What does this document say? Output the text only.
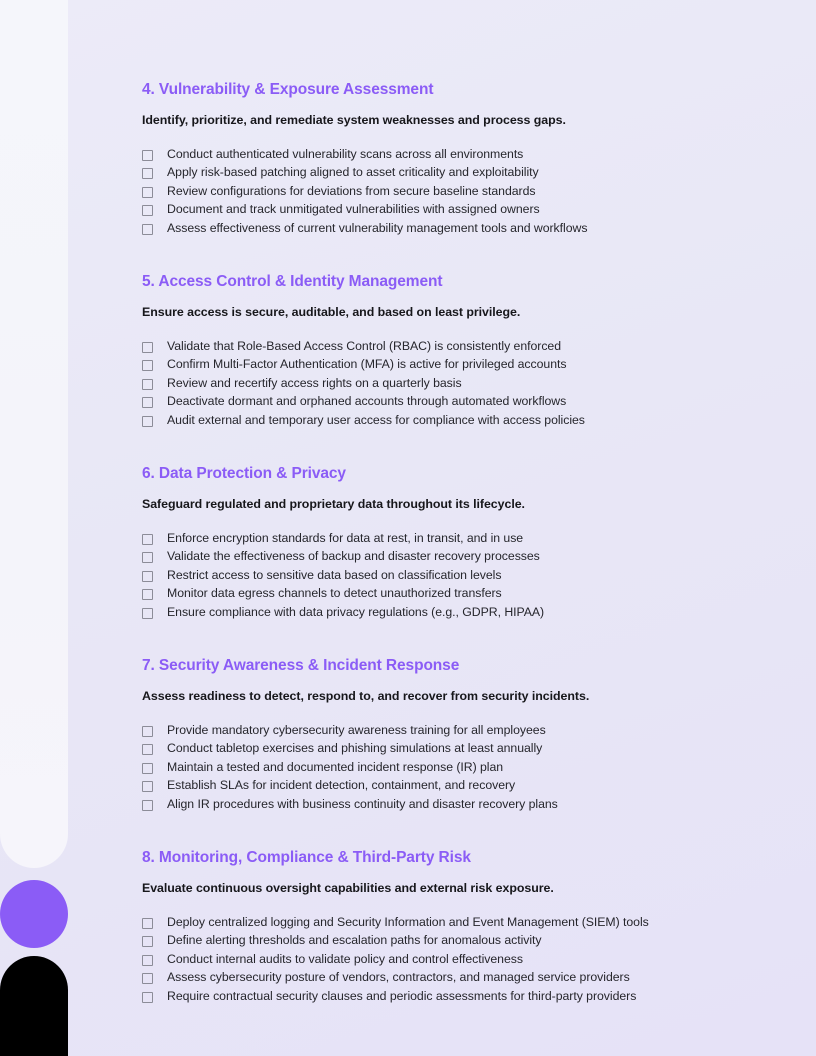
4. Vulnerability & Exposure Assessment

Identify, prioritize, and remediate system weaknesses and process gaps.

Conduct authenticated vulnerability scans across all environments
Apply risk-based patching aligned to asset criticality and exploitability
Review configurations for deviations from secure baseline standards
Document and track unmitigated vulnerabilities with assigned owners
Assess effectiveness of current vulnerability management tools and workflows
5. Access Control & Identity Management

Ensure access is secure, auditable, and based on least privilege.

Validate that Role-Based Access Control (RBAC) is consistently enforced
Confirm Multi-Factor Authentication (MFA) is active for privileged accounts
Review and recertify access rights on a quarterly basis
Deactivate dormant and orphaned accounts through automated workflows
Audit external and temporary user access for compliance with access policies
6. Data Protection & Privacy

Safeguard regulated and proprietary data throughout its lifecycle.

Enforce encryption standards for data at rest, in transit, and in use
Validate the effectiveness of backup and disaster recovery processes
Restrict access to sensitive data based on classification levels
Monitor data egress channels to detect unauthorized transfers
Ensure compliance with data privacy regulations (e.g., GDPR, HIPAA)
7. Security Awareness & Incident Response

Assess readiness to detect, respond to, and recover from security incidents.

Provide mandatory cybersecurity awareness training for all employees
Conduct tabletop exercises and phishing simulations at least annually
Maintain a tested and documented incident response (IR) plan
Establish SLAs for incident detection, containment, and recovery
Align IR procedures with business continuity and disaster recovery plans
8. Monitoring, Compliance & Third-Party Risk

Evaluate continuous oversight capabilities and external risk exposure.

Deploy centralized logging and Security Information and Event Management (SIEM) tools
Define alerting thresholds and escalation paths for anomalous activity
Conduct internal audits to validate policy and control effectiveness
Assess cybersecurity posture of vendors, contractors, and managed service providers
Require contractual security clauses and periodic assessments for third-party providers
